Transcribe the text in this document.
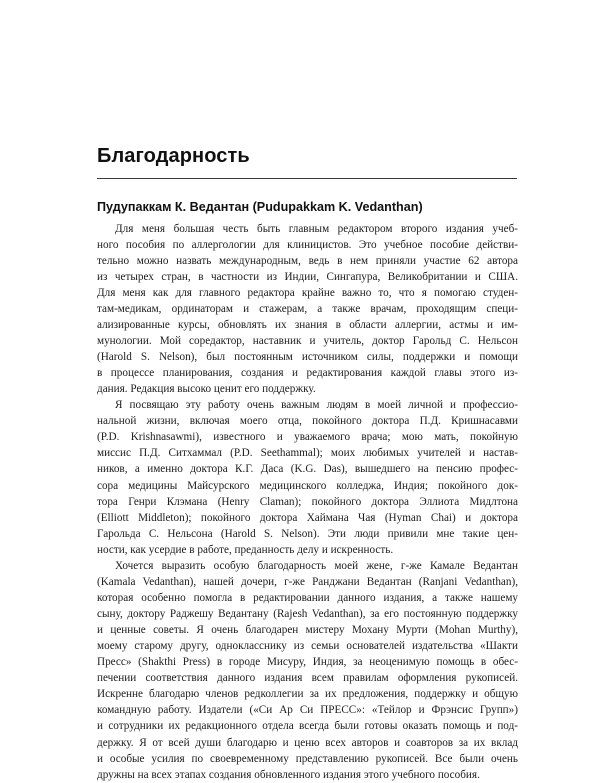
Благодарность
Пудупаккам К. Ведантан (Pudupakkam K. Vedanthan)

Для меня большая честь быть главным редактором второго издания учеб-
ного пособия по аллергологии для клиницистов. Это учебное пособие действи-
тельно можно назвать международным, ведь в нем приняли участие 62 автора
из четырех стран, в частности из Индии, Сингапура, Великобритании и США.
Для меня как для главного редактора крайне важно то, что я помогаю студен-
там-медикам, ординаторам и стажерам, а также врачам, проходящим специ-
ализированные курсы, обновлять их знания в области аллергии, астмы и им-
мунологии. Мой соредактор, наставник и учитель, доктор Гарольд С. Нельсон
(Harold S. Nelson), был постоянным источником силы, поддержки и помощи
в процессе планирования, создания и редактирования каждой главы этого из-
дания. Редакция высоко ценит его поддержку.

Я посвящаю эту работу очень важным людям в моей личной и профессио-
нальной жизни, включая моего отца, покойного доктора П.Д. Кришнасавми
(P.D. Krishnasawmi), известного и уважаемого врача; мою мать, покойную
миссис П.Д. Ситхаммал (P.D. Seethammal); моих любимых учителей и настав-
ников, а именно доктора К.Г. Даса (K.G. Das), вышедшего на пенсию профес-
сора медицины Майсурского медицинского колледжа, Индия; покойного док-
тора Генри Клэмана (Henry Claman); покойного доктора Эллиота Мидлтона
(Elliott Middleton); покойного доктора Хаймана Чая (Hyman Chai) и доктора
Гарольда С. Нельсона (Harold S. Nelson). Эти люди привили мне такие цен-
ности, как усердие в работе, преданность делу и искренность.

Хочется выразить особую благодарность моей жене, г-же Камале Ведантан
(Kamala Vedanthan), нашей дочери, г-же Ранджани Ведантан (Ranjani Vedanthan),
которая особенно помогла в редактировании данного издания, а также нашему
сыну, доктору Раджешу Ведантану (Rajesh Vedanthan), за его постоянную поддержку
и ценные советы. Я очень благодарен мистеру Мохану Мурти (Mohan Murthy),
моему старому другу, однокласснику из семьи основателей издательства «Шакти
Пресс» (Shakthi Press) в городе Мисуру, Индия, за неоценимую помощь в обес-
печении соответствия данного издания всем правилам оформления рукописей.
Искренне благодарю членов редколлегии за их предложения, поддержку и общую
командную работу. Издатели («Си Ар Си ПРЕСС»: «Тейлор и Фрэнсис Групп»)
и сотрудники их редакционного отдела всегда были готовы оказать помощь и под-
держку. Я от всей души благодарю и ценю всех авторов и соавторов за их вклад
и особые усилия по своевременному представлению рукописей. Все были очень
дружны на всех этапах создания обновленного издания этого учебного пособия.
